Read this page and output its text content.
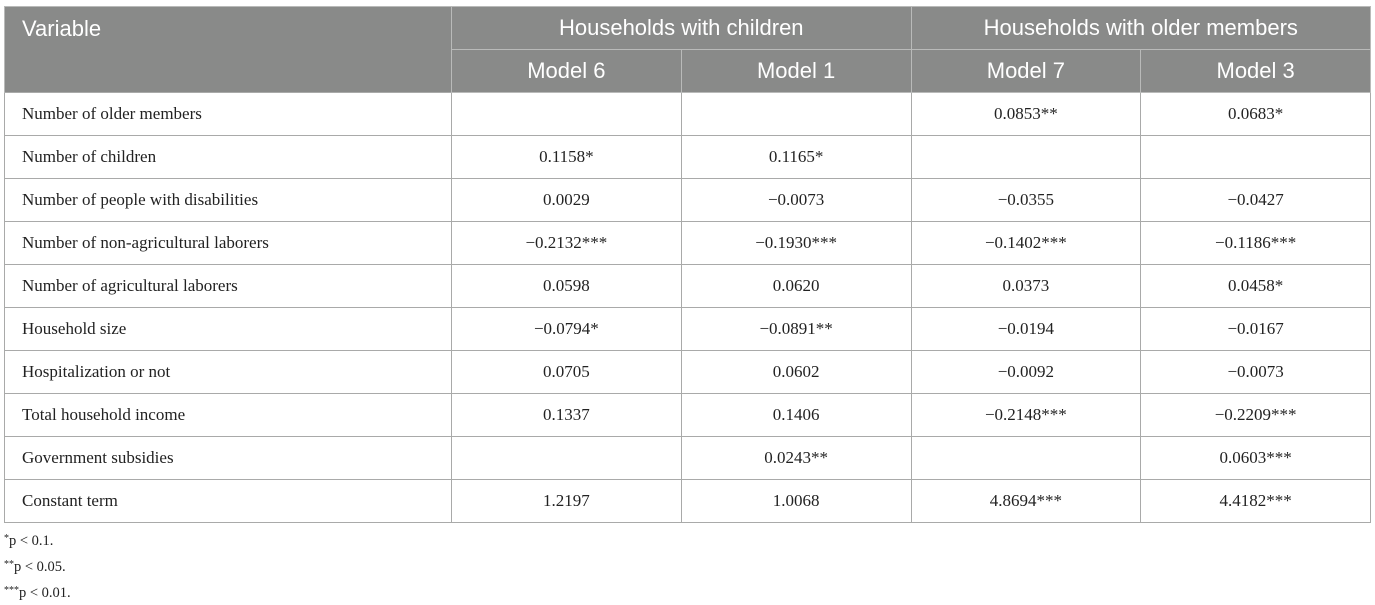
Variable	Households with children		Households with older members	
	Model 6	Model 1	Model 7	Model 3
Number of older members			0.0853**	0.0683*
Number of children	0.1158*	0.1165*		
Number of people with disabilities	0.0029	−0.0073	−0.0355	−0.0427
Number of non-agricultural laborers	−0.2132***	−0.1930***	−0.1402***	−0.1186***
Number of agricultural laborers	0.0598	0.0620	0.0373	0.0458*
Household size	−0.0794*	−0.0891**	−0.0194	−0.0167
Hospitalization or not	0.0705	0.0602	−0.0092	−0.0073
Total household income	0.1337	0.1406	−0.2148***	−0.2209***
Government subsidies		0.0243**		0.0603***
Constant term	1.2197	1.0068	4.8694***	4.4182***
*p < 0.1.
**p < 0.05.
***p < 0.01.
